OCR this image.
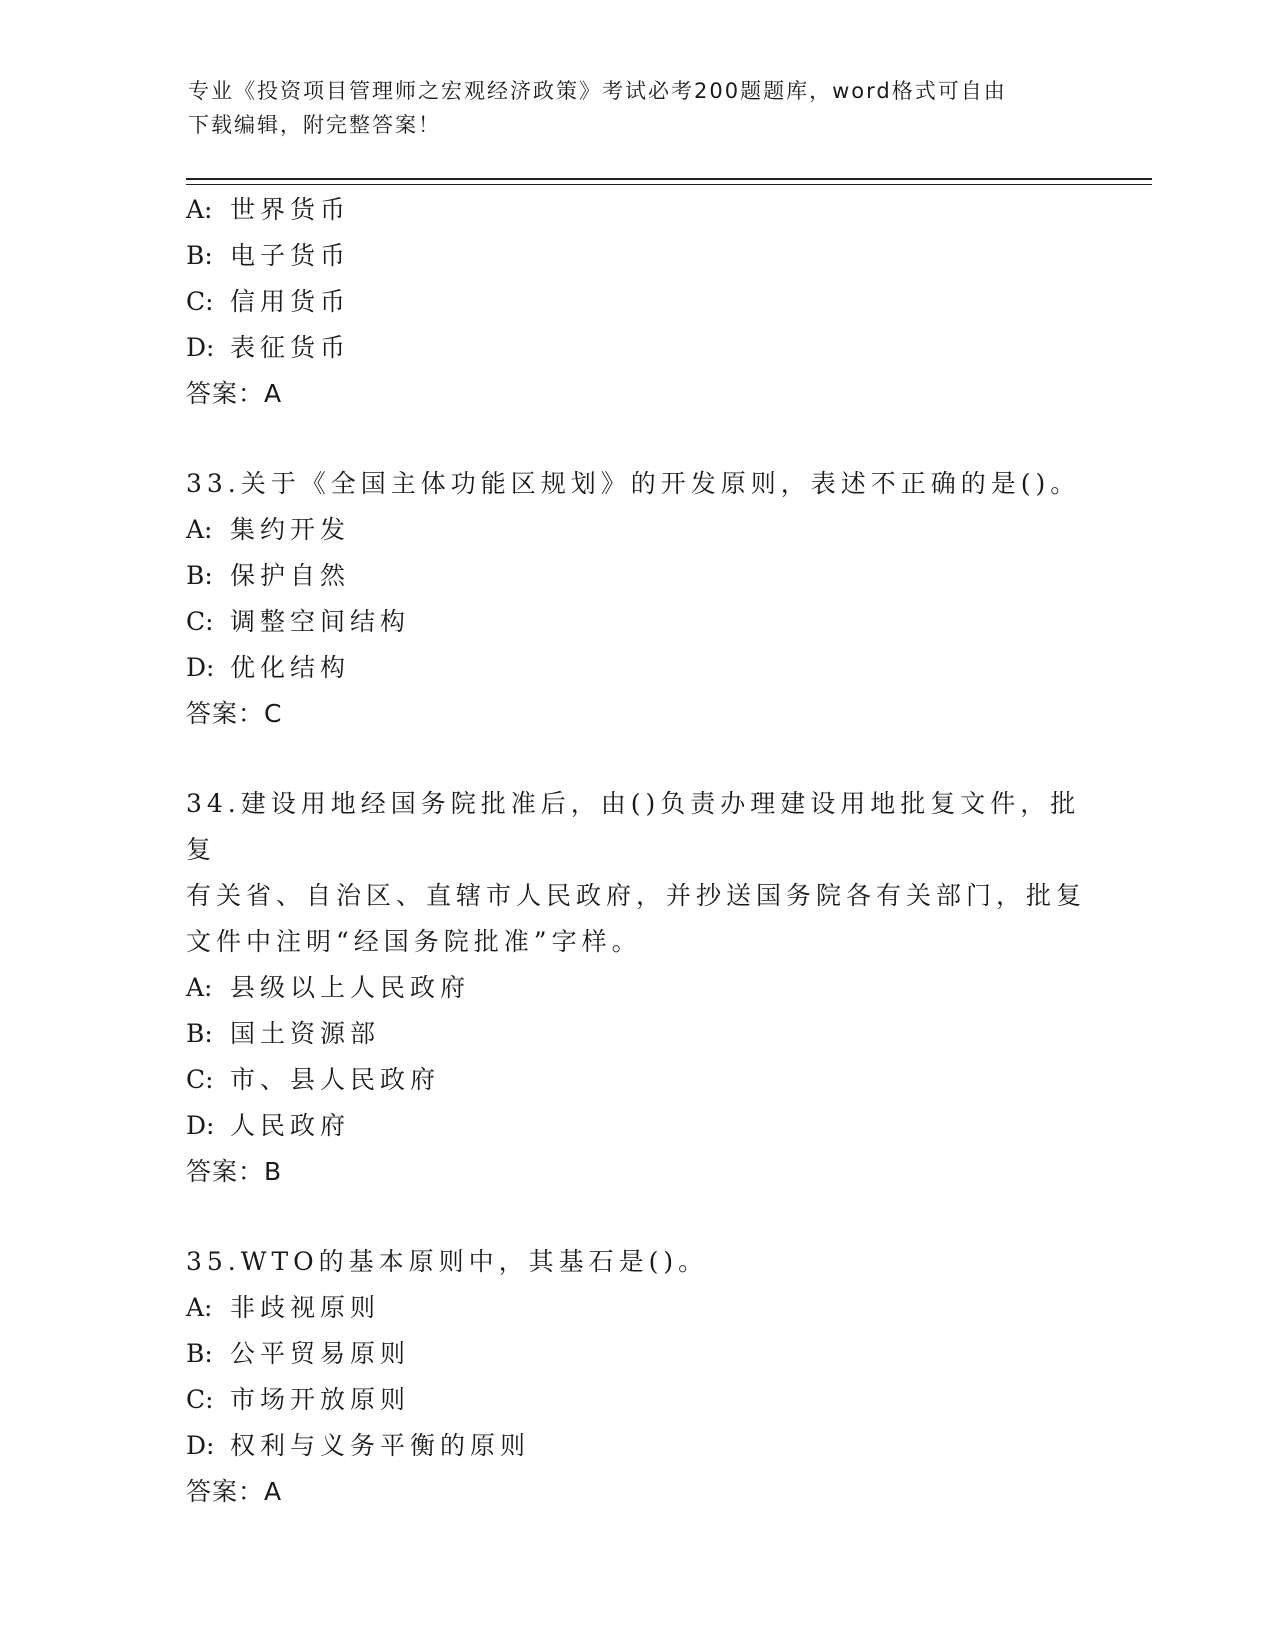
专业《投资项目管理师之宏观经济政策》考试必考200题题库，word格式可自由
下载编辑，附完整答案！
A: 世界货币
B: 电子货币
C: 信用货币
D: 表征货币
答案：A
33.关于《全国主体功能区规划》的开发原则，表述不正确的是()。
A: 集约开发
B: 保护自然
C: 调整空间结构
D: 优化结构
答案：C
34.建设用地经国务院批准后，由()负责办理建设用地批复文件，批复
有关省、自治区、直辖市人民政府，并抄送国务院各有关部门，批复
文件中注明“经国务院批准”字样。
A: 县级以上人民政府
B: 国土资源部
C: 市、县人民政府
D: 人民政府
答案：B
35.WTO的基本原则中，其基石是()。
A: 非歧视原则
B: 公平贸易原则
C: 市场开放原则
D: 权利与义务平衡的原则
答案：A
